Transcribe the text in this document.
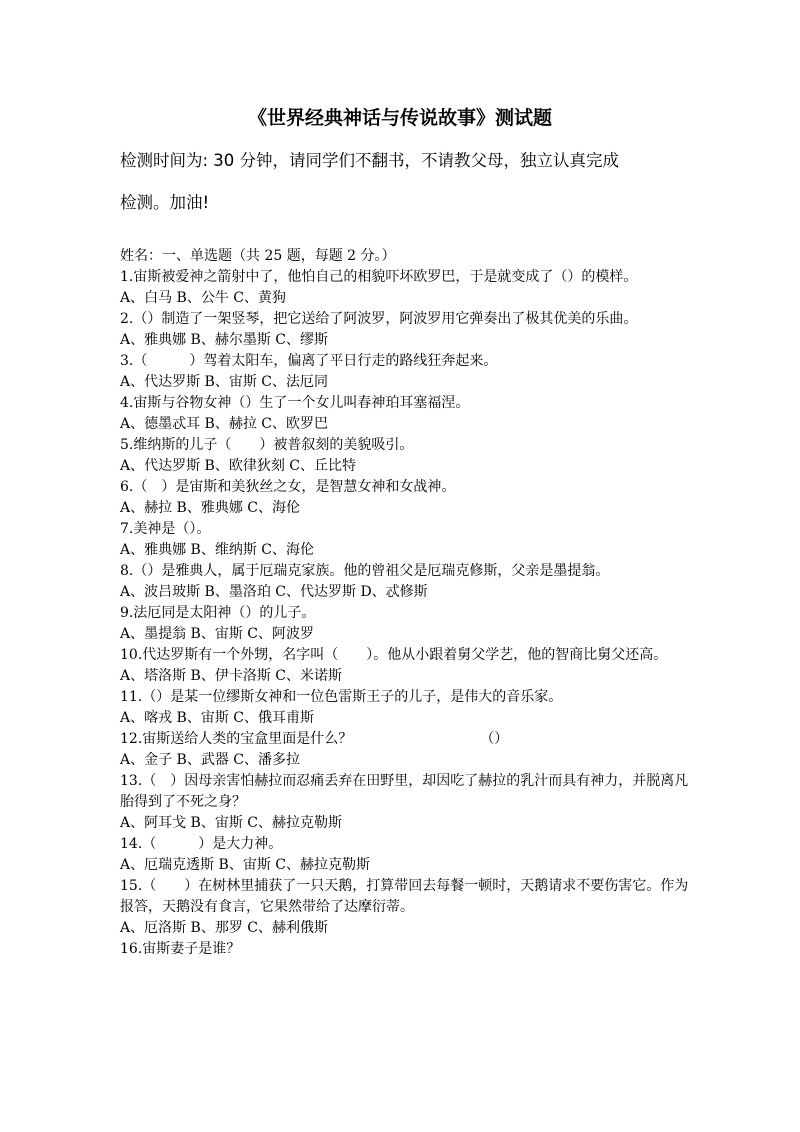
《世界经典神话与传说故事》测试题
检测时间为: 30 分钟，请同学们不翻书，不请教父母，独立认真完成
检测。加油!
姓名：一、单选题（共 25 题，每题 2 分。）
1.宙斯被爱神之箭射中了，他怕自己的相貌吓坏欧罗巴，于是就变成了（）的模样。
A、白马 B、公牛 C、黄狗
2.（）制造了一架竖琴，把它送给了阿波罗，阿波罗用它弹奏出了极其优美的乐曲。
A、雅典娜 B、赫尔墨斯 C、缪斯
3.（　　　）驾着太阳车，偏离了平日行走的路线狂奔起来。
A、代达罗斯 B、宙斯 C、法厄同
4.宙斯与谷物女神（）生了一个女儿叫春神珀耳塞福涅。
A、德墨忒耳 B、赫拉 C、欧罗巴
5.维纳斯的儿子（　　）被普叙刻的美貌吸引。
A、代达罗斯 B、欧律狄刻 C、丘比特
6.（　）是宙斯和美狄丝之女，是智慧女神和女战神。
A、赫拉 B、雅典娜 C、海伦
7.美神是（）。
A、雅典娜 B、维纳斯 C、海伦
8.（）是雅典人，属于厄瑞克家族。他的曾祖父是厄瑞克修斯，父亲是墨提翁。
A、波吕玻斯 B、墨洛珀 C、代达罗斯 D、忒修斯
9.法厄同是太阳神（）的儿子。
A、墨提翁 B、宙斯 C、阿波罗
10.代达罗斯有一个外甥，名字叫（　　）。他从小跟着舅父学艺，他的智商比舅父还高。
A、塔洛斯 B、伊卡洛斯 C、米诺斯
11.（）是某一位缪斯女神和一位色雷斯王子的儿子，是伟大的音乐家。
A、喀戎 B、宙斯 C、俄耳甫斯
12.宙斯送给人类的宝盒里面是什么？	（）
A、金子 B、武器 C、潘多拉
13.（　）因母亲害怕赫拉而忍痛丢弃在田野里，却因吃了赫拉的乳汁而具有神力，并脱离凡胎得到了不死之身？
A、阿耳戈 B、宙斯 C、赫拉克勒斯
14.（　　　）是大力神。
A、厄瑞克透斯 B、宙斯 C、赫拉克勒斯
15.（　　）在树林里捕获了一只天鹅，打算带回去每餐一顿时，天鹅请求不要伤害它。作为报答，天鹅没有食言，它果然带给了达摩衍蒂。
A、厄洛斯 B、那罗 C、赫利俄斯
16.宙斯妻子是谁？
